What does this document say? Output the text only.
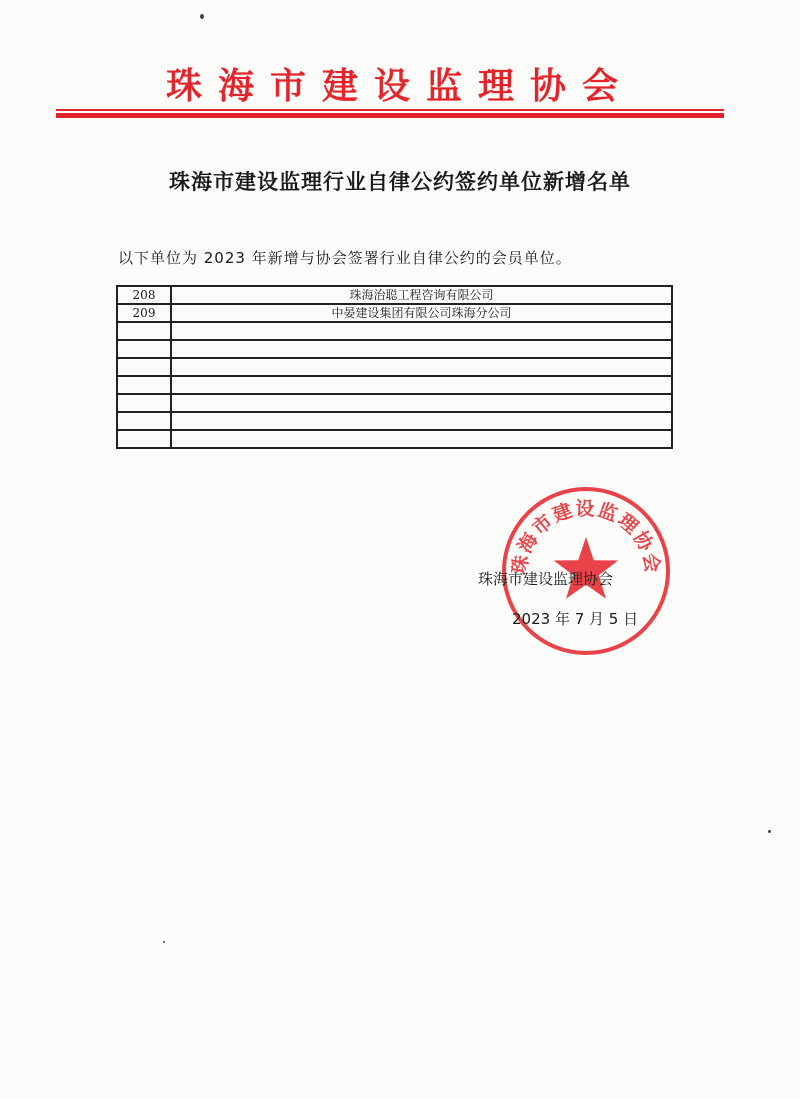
珠海市建设监理协会
珠海市建设监理行业自律公约签约单位新增名单
以下单位为 2023 年新增与协会签署行业自律公约的会员单位。
208	珠海治聪工程咨询有限公司
209	中晏建设集团有限公司珠海分公司

珠海市建设监理协会
珠海市建设监理协会
2023 年 7 月 5 日
